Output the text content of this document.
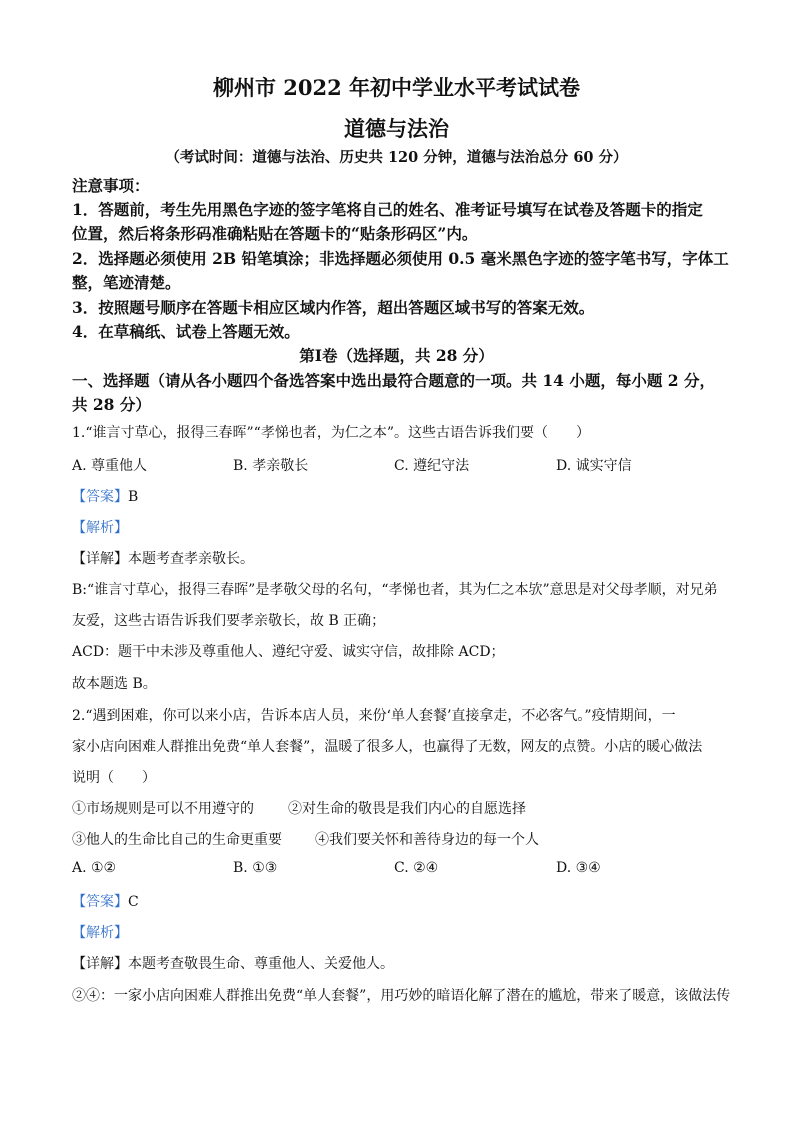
柳州市 2022 年初中学业水平考试试卷
道德与法治
（考试时间：道德与法治、历史共 120 分钟，道德与法治总分 60 分）
注意事项：
1．答题前，考生先用黑色字迹的签字笔将自己的姓名、准考证号填写在试卷及答题卡的指定
位置，然后将条形码准确粘贴在答题卡的“贴条形码区”内。
2．选择题必须使用 2B 铅笔填涂；非选择题必须使用 0.5 毫米黑色字迹的签字笔书写，字体工
整，笔迹清楚。
3．按照题号顺序在答题卡相应区域内作答，超出答题区域书写的答案无效。
4．在草稿纸、试卷上答题无效。
第Ⅰ卷（选择题，共 28 分）
一、选择题（请从各小题四个备选答案中选出最符合题意的一项。共 14 小题，每小题 2 分，
共 28 分）
1.“谁言寸草心，报得三春晖”“孝悌也者，为仁之本”。这些古语告诉我们要（　　）
A. 尊重他人	B. 孝亲敬长	C. 遵纪守法	D. 诚实守信
【答案】B
【解析】
【详解】本题考查孝亲敬长。
B:“谁言寸草心，报得三春晖”是孝敬父母的名句，“孝悌也者，其为仁之本欤”意思是对父母孝顺，对兄弟
友爱，这些古语告诉我们要孝亲敬长，故 B 正确；
ACD：题干中未涉及尊重他人、遵纪守爱、诚实守信，故排除 ACD；
故本题选 B。
2.“遇到困难，你可以来小店，告诉本店人员，来份‘单人套餐’直接拿走，不必客气。”疫情期间，一
家小店向困难人群推出免费“单人套餐”，温暖了很多人，也赢得了无数，网友的点赞。小店的暖心做法
说明（　　）
①市场规则是可以不用遵守的 ②对生命的敬畏是我们内心的自愿选择
③他人的生命比自己的生命更重要 ④我们要关怀和善待身边的每一个人
A. ①②	B. ①③	C. ②④	D. ③④
【答案】C
【解析】
【详解】本题考查敬畏生命、尊重他人、关爱他人。
②④：一家小店向困难人群推出免费“单人套餐”，用巧妙的暗语化解了潜在的尴尬，带来了暖意，该做法传
